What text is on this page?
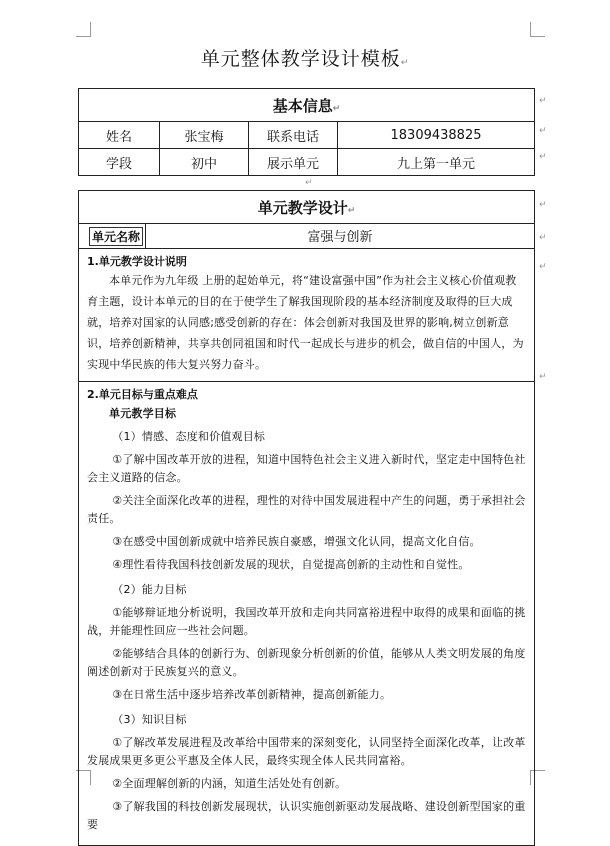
单元整体教学设计模板↵
基本信息↵			
姓名	张宝梅	联系电话	18309438825
学段	初中	展示单元	九上第一单元
单元教学设计↵
单元名称	富强与创新

1.单元教学设计说明

本单元作为九年级 上册的起始单元，将“建设富强中国”作为社会主义核心价值观教育主题，设计本单元的目的在于使学生了解我国现阶段的基本经济制度及取得的巨大成就，培养对国家的认同感;感受创新的存在：体会创新对我国及世界的影响,树立创新意识，培养创新精神，共享共创同祖国和时代一起成长与进步的机会，做自信的中国人，为实现中华民族的伟大复兴努力奋斗。

2.单元目标与重点难点

单元教学目标

（1）情感、态度和价值观目标

①了解中国改革开放的进程，知道中国特色社会主义进入新时代，坚定走中国特色社会主义道路的信念。

②关注全面深化改革的进程，理性的对待中国发展进程中产生的问题，勇于承担社会责任。

③在感受中国创新成就中培养民族自豪感，增强文化认同，提高文化自信。

④理性看待我国科技创新发展的现状，自觉提高创新的主动性和自觉性。

（2）能力目标

①能够辩证地分析说明，我国改革开放和走向共同富裕进程中取得的成果和面临的挑战，并能理性回应一些社会问题。

②能够结合具体的创新行为、创新现象分析创新的价值，能够从人类文明发展的角度阐述创新对于民族复兴的意义。

③在日常生活中逐步培养改革创新精神，提高创新能力。

（3）知识目标

①了解改革发展进程及改革给中国带来的深刻变化，认同坚持全面深化改革，让改革发展成果更多更公平惠及全体人民，最终实现全体人民共同富裕。

②全面理解创新的内涵，知道生活处处有创新。

③了解我国的科技创新发展现状，认识实施创新驱动发展战略、建设创新型国家的重要

↵
↵
↵
↵
↵
↵
↵
↵
